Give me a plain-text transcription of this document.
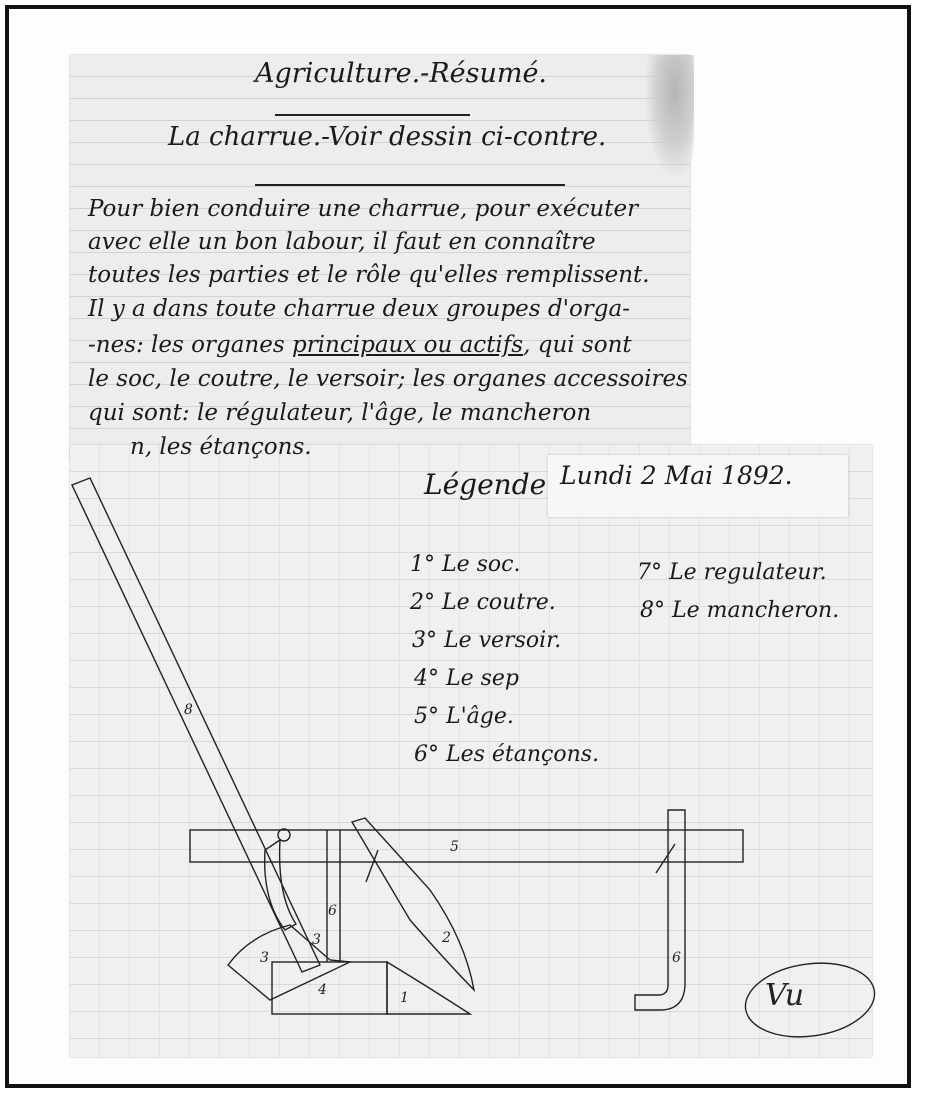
Agriculture.-Résumé.
La charrue.-Voir dessin ci-contre.
Pour bien conduire une charrue, pour exécuter
avec elle un bon labour, il faut en connaître
toutes les parties et le rôle qu'elles remplissent.
Il y a dans toute charrue deux groupes d'orga-
-nes: les organes principaux ou actifs, qui sont
le soc, le coutre, le versoir; les organes accessoires
qui sont: le régulateur, l'âge, le mancheron
n, les étançons.
Lundi 2 Mai 1892.
Légende
1° Le soc.
2° Le coutre.
3° Le versoir.
4° Le sep
5° L'âge.
6° Les étançons.
7° Le regulateur.
8° Le mancheron.
8
5
6
3
3	2
4	1
6
Vu
